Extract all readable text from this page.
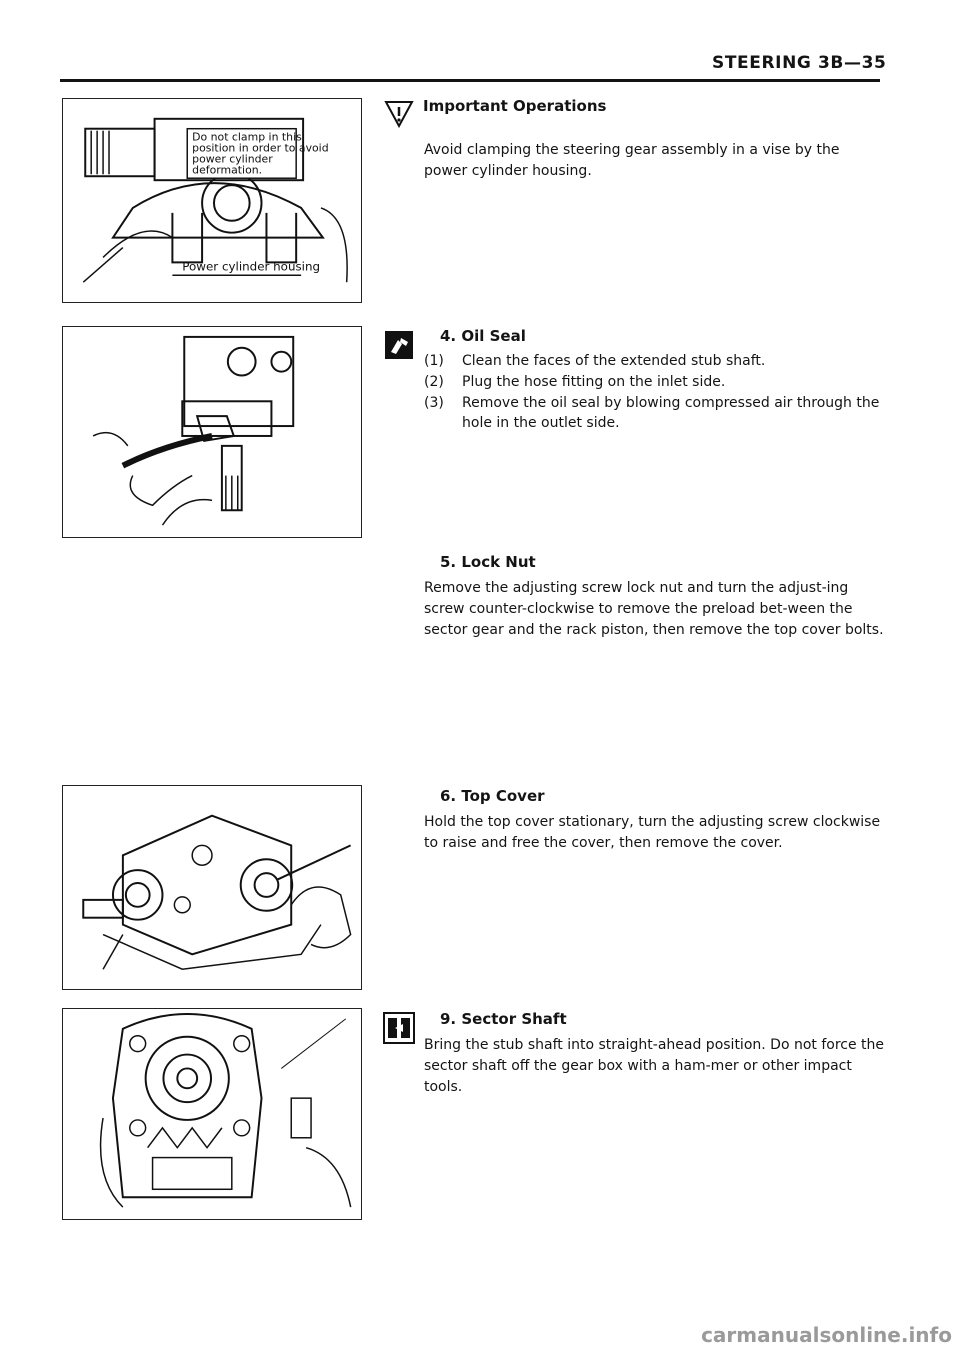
STEERING 3B—35
Do not clamp in this
position in order to avoid
power cylinder
deformation.
Power cylinder housing
Important Operations

Avoid clamping the steering gear assembly in a vise by the power cylinder housing.

4. Oil Seal
(1) Clean the faces of the extended stub shaft.
(2) Plug the hose fitting on the inlet side.
(3) Remove the oil seal by blowing compressed air through the hole in the outlet side.
5. Lock Nut

Remove the adjusting screw lock nut and turn the adjust-ing screw counter-clockwise to remove the preload bet-ween the sector gear and the rack piston, then remove the top cover bolts.

6. Top Cover

Hold the top cover stationary, turn the adjusting screw clockwise to raise and free the cover, then remove the cover.

9. Sector Shaft

Bring the stub shaft into straight-ahead position. Do not force the sector shaft off the gear box with a ham-mer or other impact tools.

carmanualsonline.info
